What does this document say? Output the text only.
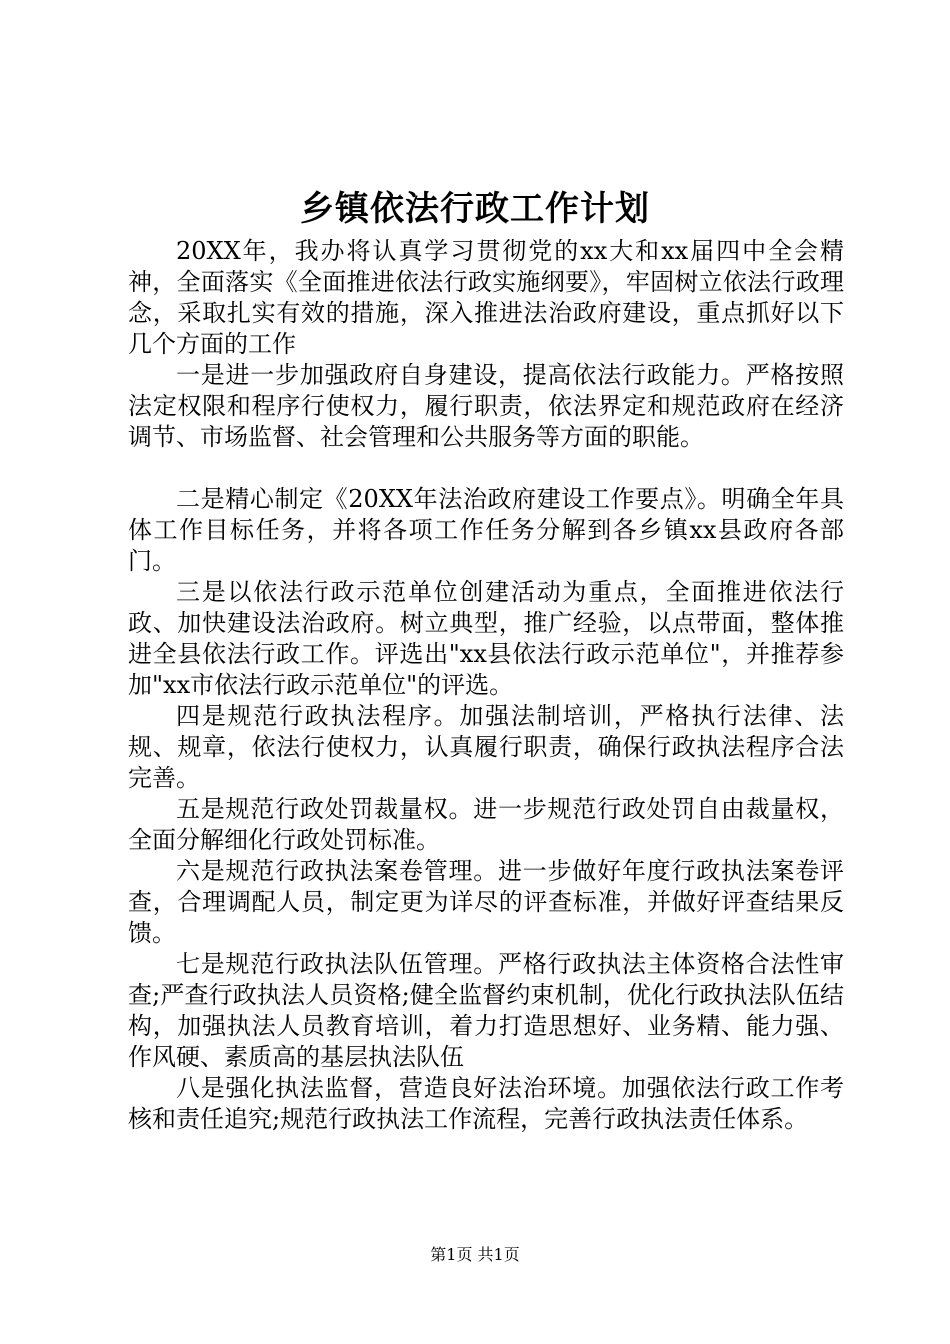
乡镇依法行政工作计划

20XX年，我办将认真学习贯彻党的xx大和xx届四中全会精神，全面落实《全面推进依法行政实施纲要》，牢固树立依法行政理念，采取扎实有效的措施，深入推进法治政府建设，重点抓好以下几个方面的工作

一是进一步加强政府自身建设，提高依法行政能力。严格按照法定权限和程序行使权力，履行职责，依法界定和规范政府在经济调节、市场监督、社会管理和公共服务等方面的职能。

二是精心制定《20XX年法治政府建设工作要点》。明确全年具体工作目标任务，并将各项工作任务分解到各乡镇xx县政府各部门。

三是以依法行政示范单位创建活动为重点，全面推进依法行政、加快建设法治政府。树立典型，推广经验，以点带面，整体推进全县依法行政工作。评选出"xx县依法行政示范单位"，并推荐参加"xx市依法行政示范单位"的评选。

四是规范行政执法程序。加强法制培训，严格执行法律、法规、规章，依法行使权力，认真履行职责，确保行政执法程序合法完善。

五是规范行政处罚裁量权。进一步规范行政处罚自由裁量权，全面分解细化行政处罚标准。

六是规范行政执法案卷管理。进一步做好年度行政执法案卷评查，合理调配人员，制定更为详尽的评查标准，并做好评查结果反馈。

七是规范行政执法队伍管理。严格行政执法主体资格合法性审查;严查行政执法人员资格;健全监督约束机制，优化行政执法队伍结构，加强执法人员教育培训，着力打造思想好、业务精、能力强、作风硬、素质高的基层执法队伍

八是强化执法监督，营造良好法治环境。加强依法行政工作考核和责任追究;规范行政执法工作流程，完善行政执法责任体系。

第1页 共1页
